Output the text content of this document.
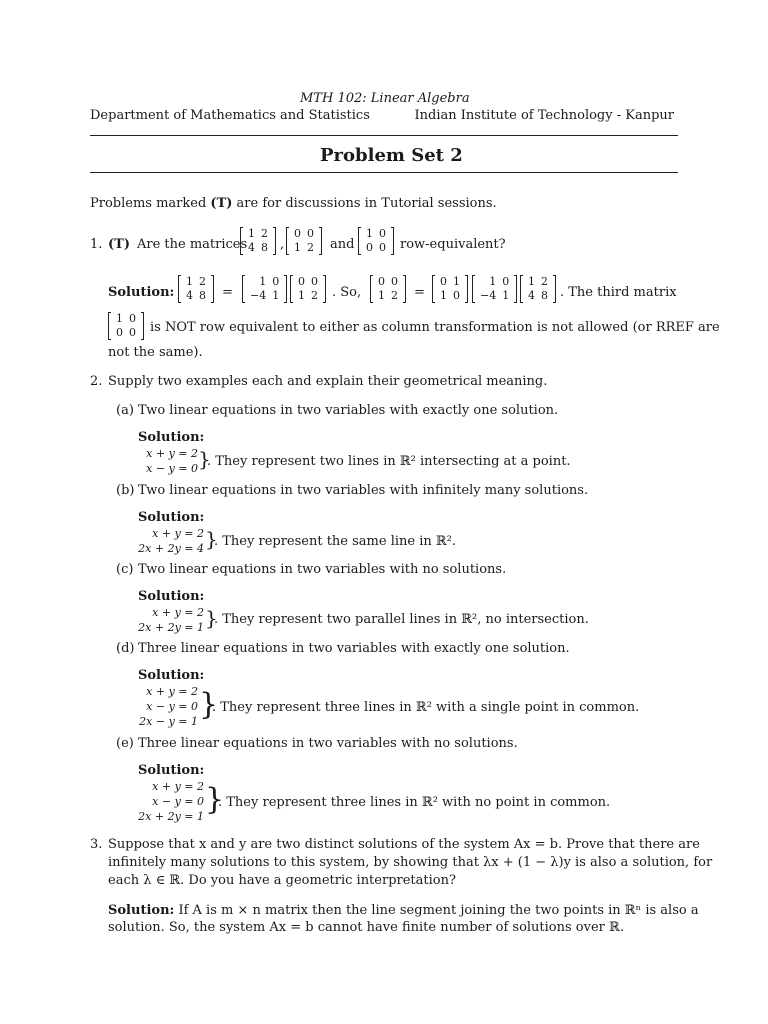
MTH 102: Linear Algebra
Department of Mathematics and Statistics	Indian Institute of Technology - Kanpur
Problem Set 2
Problems marked (T) are for discussions in Tutorial sessions.
1. (T) Are the matrices
1	2
4	8 ,
0	0
1	2 and
1	0
0	0 row-equivalent?
Solution:
1	2
4	8 =
1	0
−4	1
0	0
1	2 . So,
0	0
1	2 =
0	1
1	0
1	0
−4	1
1	2
4	8 . The third matrix
1	0
0	0 is NOT row equivalent to either as column transformation is not allowed (or RREF are
not the same).
2. Supply two examples each and explain their geometrical meaning.
(a) Two linear equations in two variables with exactly one solution.
Solution:
x + y = 2
x − y = 0 }
. They represent two lines in ℝ² intersecting at a point.
(b) Two linear equations in two variables with infinitely many solutions.
Solution:
x + y = 2
2x + 2y = 4 }
. They represent the same line in ℝ².
(c) Two linear equations in two variables with no solutions.
Solution:
x + y = 2
2x + 2y = 1 }
. They represent two parallel lines in ℝ², no intersection.
(d) Three linear equations in two variables with exactly one solution.
Solution:
x + y = 2
x − y = 0
2x − y = 1 }
. They represent three lines in ℝ² with a single point in common.
(e) Three linear equations in two variables with no solutions.
Solution:
x + y = 2
x − y = 0
2x + 2y = 1 }
. They represent three lines in ℝ² with no point in common.
3. Suppose that x and y are two distinct solutions of the system Ax = b. Prove that there are
infinitely many solutions to this system, by showing that λx + (1 − λ)y is also a solution, for
each λ ∈ ℝ. Do you have a geometric interpretation?
Solution: If A is m × n matrix then the line segment joining the two points in ℝⁿ is also a
solution. So, the system Ax = b cannot have finite number of solutions over ℝ.
